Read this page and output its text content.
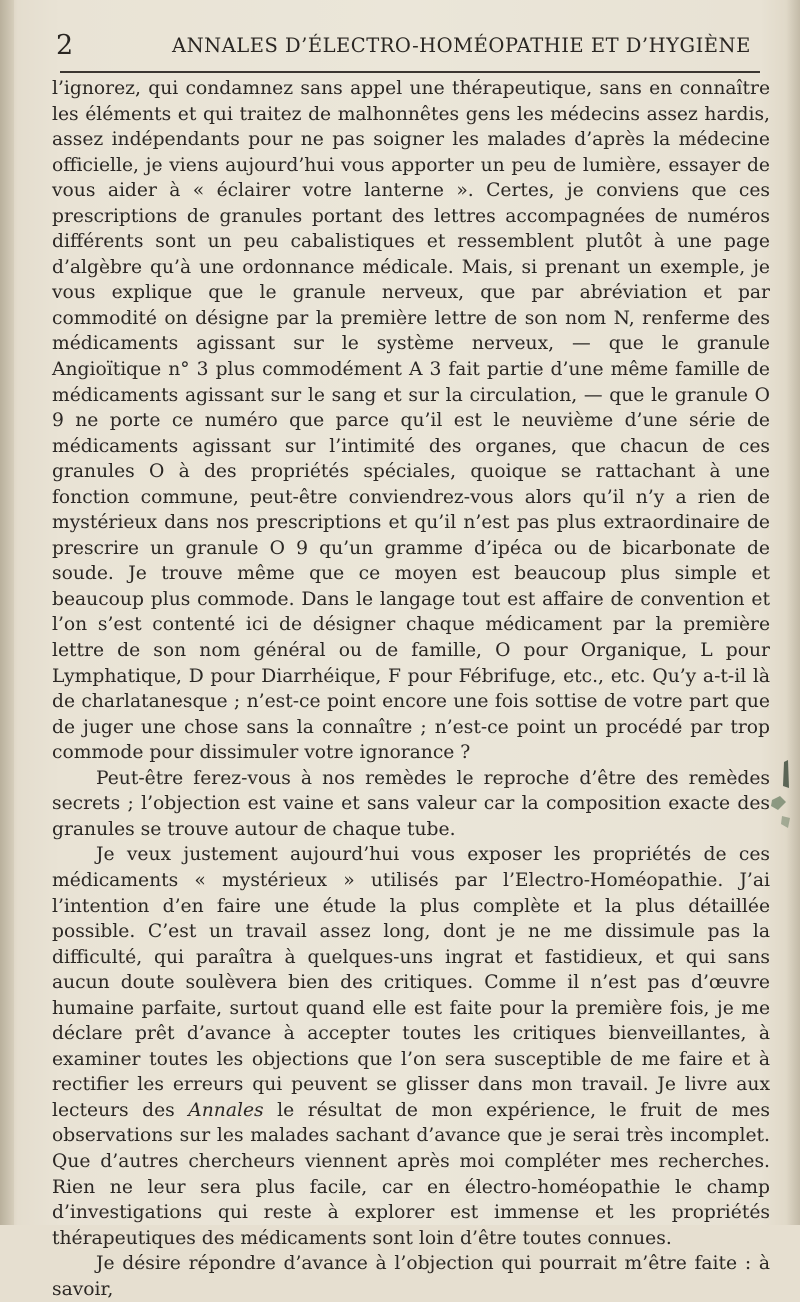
2	ANNALES D’ÉLECTRO-HOMÉOPATHIE ET D’HYGIÈNE

l’ignorez, qui condamnez sans appel une thérapeutique, sans en connaître les éléments et qui traitez de malhonnêtes gens les médecins assez hardis, assez indépendants pour ne pas soigner les malades d’après la médecine officielle, je viens aujourd’hui vous apporter un peu de lumière, essayer de vous aider à « éclairer votre lanterne ». Certes, je conviens que ces prescriptions de granules portant des lettres accompagnées de numéros différents sont un peu cabalistiques et ressemblent plutôt à une page d’algèbre qu’à une ordonnance médicale. Mais, si prenant un exemple, je vous explique que le granule nerveux, que par abréviation et par commodité on désigne par la première lettre de son nom N, renferme des médicaments agissant sur le système nerveux, — que le granule Angioïtique n° 3 plus commodément A 3 fait partie d’une même famille de médicaments agissant sur le sang et sur la circulation, — que le granule O 9 ne porte ce numéro que parce qu’il est le neuvième d’une série de médicaments agissant sur l’intimité des organes, que chacun de ces granules O à des propriétés spéciales, quoique se rattachant à une fonction commune, peut-être conviendrez-vous alors qu’il n’y a rien de mystérieux dans nos prescriptions et qu’il n’est pas plus extraordinaire de prescrire un granule O 9 qu’un gramme d’ipéca ou de bicarbonate de soude. Je trouve même que ce moyen est beaucoup plus simple et beaucoup plus commode. Dans le langage tout est affaire de convention et l’on s’est contenté ici de désigner chaque médicament par la première lettre de son nom général ou de famille, O pour Organique, L pour Lymphatique, D pour Diarrhéique, F pour Fébrifuge, etc., etc. Qu’y a-t-il là de charlatanesque ; n’est-ce point encore une fois sottise de votre part que de juger une chose sans la connaître ; n’est-ce point un procédé par trop commode pour dissimuler votre ignorance ?

Peut-être ferez-vous à nos remèdes le reproche d’être des remèdes secrets ; l’objection est vaine et sans valeur car la composition exacte des granules se trouve autour de chaque tube.

Je veux justement aujourd’hui vous exposer les propriétés de ces médicaments « mystérieux » utilisés par l’Electro-Homéopathie. J’ai l’intention d’en faire une étude la plus complète et la plus détaillée possible. C’est un travail assez long, dont je ne me dissimule pas la difficulté, qui paraîtra à quelques-uns ingrat et fastidieux, et qui sans aucun doute soulèvera bien des critiques. Comme il n’est pas d’œuvre humaine parfaite, surtout quand elle est faite pour la première fois, je me déclare prêt d’avance à accepter toutes les critiques bienveillantes, à examiner toutes les objections que l’on sera susceptible de me faire et à rectifier les erreurs qui peuvent se glisser dans mon travail. Je livre aux lecteurs des Annales le résultat de mon expérience, le fruit de mes observations sur les malades sachant d’avance que je serai très incomplet. Que d’autres chercheurs viennent après moi compléter mes recherches. Rien ne leur sera plus facile, car en électro-homéopathie le champ d’investigations qui reste à explorer est immense et les propriétés thérapeutiques des médicaments sont loin d’être toutes connues.

Je désire répondre d’avance à l’objection qui pourrait m’être faite : à savoir,
